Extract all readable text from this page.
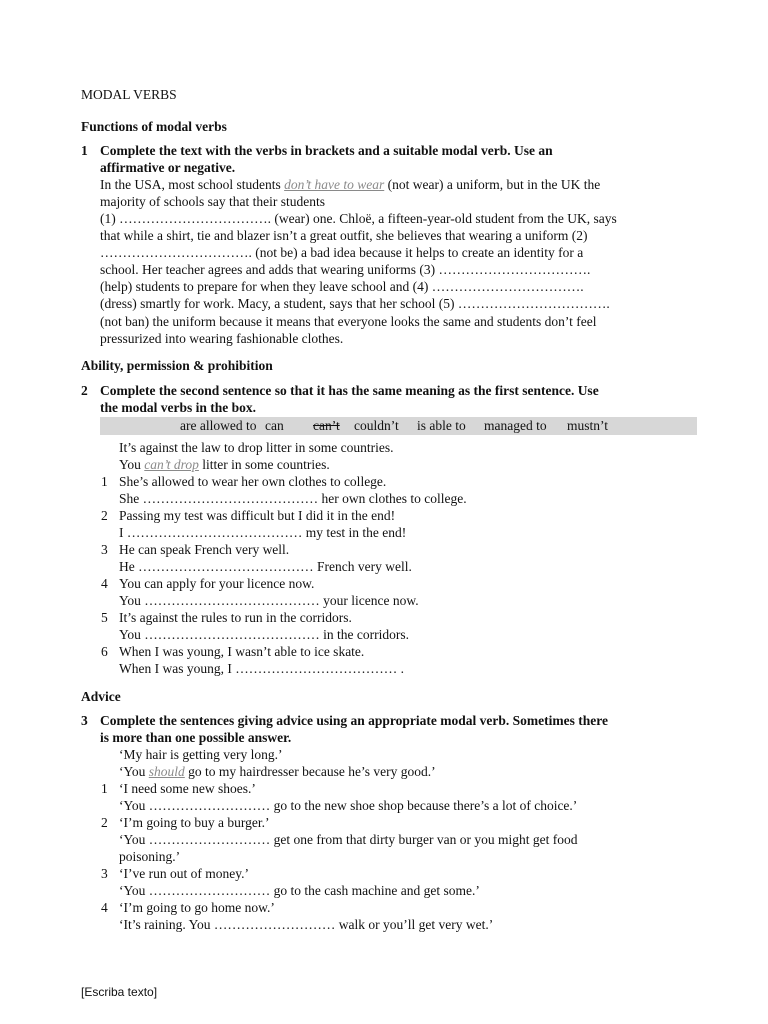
MODAL VERBS
Functions of modal verbs
1 Complete the text with the verbs in brackets and a suitable modal verb. Use an
affirmative or negative.
In the USA, most school students don’t have to wear (not wear) a uniform, but in the UK the
majority of schools say that their students
(1) ……………………………. (wear) one. Chloë, a fifteen-year-old student from the UK, says
that while a shirt, tie and blazer isn’t a great outfit, she believes that wearing a uniform (2)
……………………………. (not be) a bad idea because it helps to create an identity for a
school. Her teacher agrees and adds that wearing uniforms (3) …………………………….
(help) students to prepare for when they leave school and (4) …………………………….
(dress) smartly for work. Macy, a student, says that her school (5) …………………………….
(not ban) the uniform because it means that everyone looks the same and students don’t feel
pressurized into wearing fashionable clothes.
Ability, permission & prohibition
2 Complete the second sentence so that it has the same meaning as the first sentence. Use
the modal verbs in the box.
are allowed to can can’t couldn’t is able to managed to mustn’t
It’s against the law to drop litter in some countries.
You can’t drop litter in some countries.
1 She’s allowed to wear her own clothes to college.
She ………………………………… her own clothes to college.
2 Passing my test was difficult but I did it in the end!
I ………………………………… my test in the end!
3 He can speak French very well.
He ………………………………… French very well.
4 You can apply for your licence now.
You ………………………………… your licence now.
5 It’s against the rules to run in the corridors.
You ………………………………… in the corridors.
6 When I was young, I wasn’t able to ice skate.
When I was young, I ……………………………… .
Advice
3 Complete the sentences giving advice using an appropriate modal verb. Sometimes there
is more than one possible answer.
‘My hair is getting very long.’
‘You should go to my hairdresser because he’s very good.’
1 ‘I need some new shoes.’
‘You ……………………… go to the new shoe shop because there’s a lot of choice.’
2 ‘I’m going to buy a burger.’
‘You ……………………… get one from that dirty burger van or you might get food
poisoning.’
3 ‘I’ve run out of money.’
‘You ……………………… go to the cash machine and get some.’
4 ‘I’m going to go home now.’
‘It’s raining. You ……………………… walk or you’ll get very wet.’
[Escriba texto]
